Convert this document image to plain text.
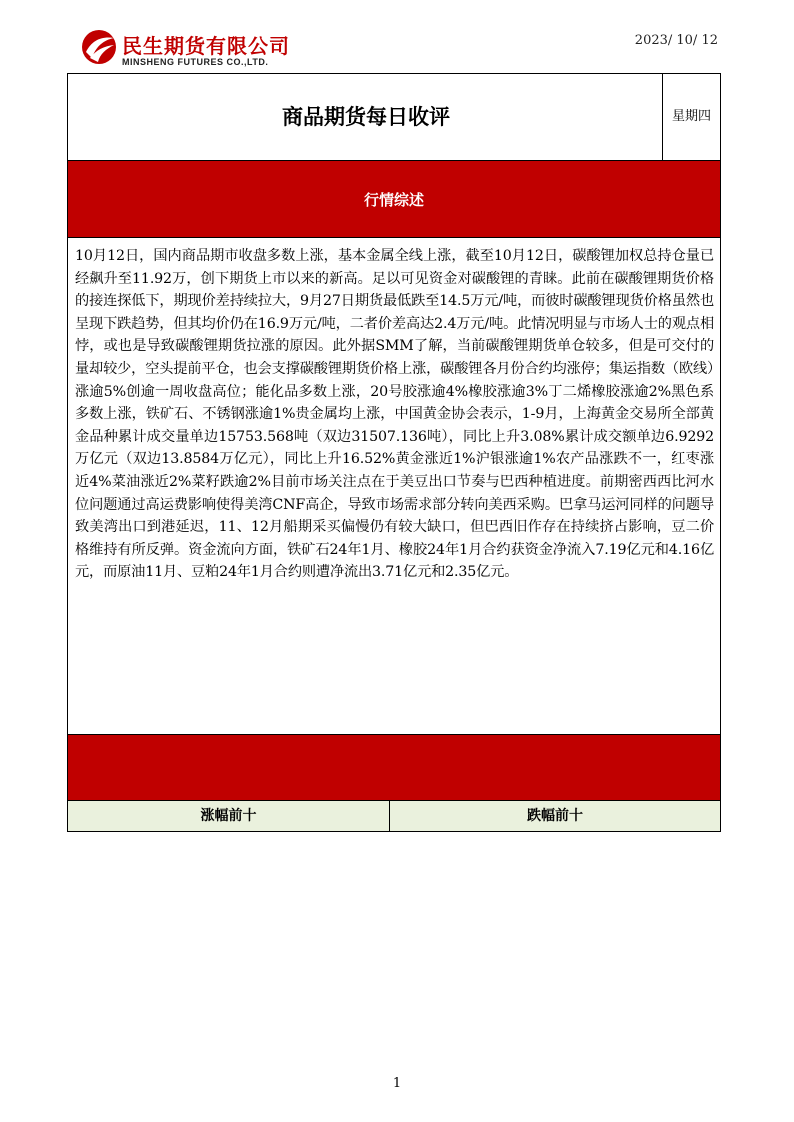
民生期货有限公司
MINSHENG FUTURES CO.,LTD.
2023/ 10/ 12
商品期货每日收评	星期四
行情综述
10月12日，国内商品期市收盘多数上涨，基本金属全线上涨，截至10月12日，碳酸锂加权总持仓量已经飙升至11.92万，创下期货上市以来的新高。足以可见资金对碳酸锂的青睐。此前在碳酸锂期货价格的接连探低下，期现价差持续拉大，9月27日期货最低跌至14.5万元/吨，而彼时碳酸锂现货价格虽然也呈现下跌趋势，但其均价仍在16.9万元/吨，二者价差高达2.4万元/吨。此情况明显与市场人士的观点相悖，或也是导致碳酸锂期货拉涨的原因。此外据SMM了解，当前碳酸锂期货单仓较多，但是可交付的量却较少，空头提前平仓，也会支撑碳酸锂期货价格上涨，碳酸锂各月份合约均涨停；集运指数（欧线）涨逾5%创逾一周收盘高位；能化品多数上涨，20号胶涨逾4%橡胶涨逾3%丁二烯橡胶涨逾2%黑色系多数上涨，铁矿石、不锈钢涨逾1%贵金属均上涨，中国黄金协会表示，1-9月，上海黄金交易所全部黄金品种累计成交量单边15753.568吨（双边31507.136吨），同比上升3.08%累计成交额单边6.9292万亿元（双边13.8584万亿元），同比上升16.52%黄金涨近1%沪银涨逾1%农产品涨跌不一，红枣涨近4%菜油涨近2%菜籽跌逾2%目前市场关注点在于美豆出口节奏与巴西种植进度。前期密西西比河水位问题通过高运费影响使得美湾CNF高企，导致市场需求部分转向美西采购。巴拿马运河同样的问题导致美湾出口到港延迟，11、12月船期采买偏慢仍有较大缺口，但巴西旧作存在持续挤占影响，豆二价格维持有所反弹。资金流向方面，铁矿石24年1月、橡胶24年1月合约获资金净流入7.19亿元和4.16亿元，而原油11月、豆粕24年1月合约则遭净流出3.71亿元和2.35亿元。
涨幅前十	跌幅前十
1
